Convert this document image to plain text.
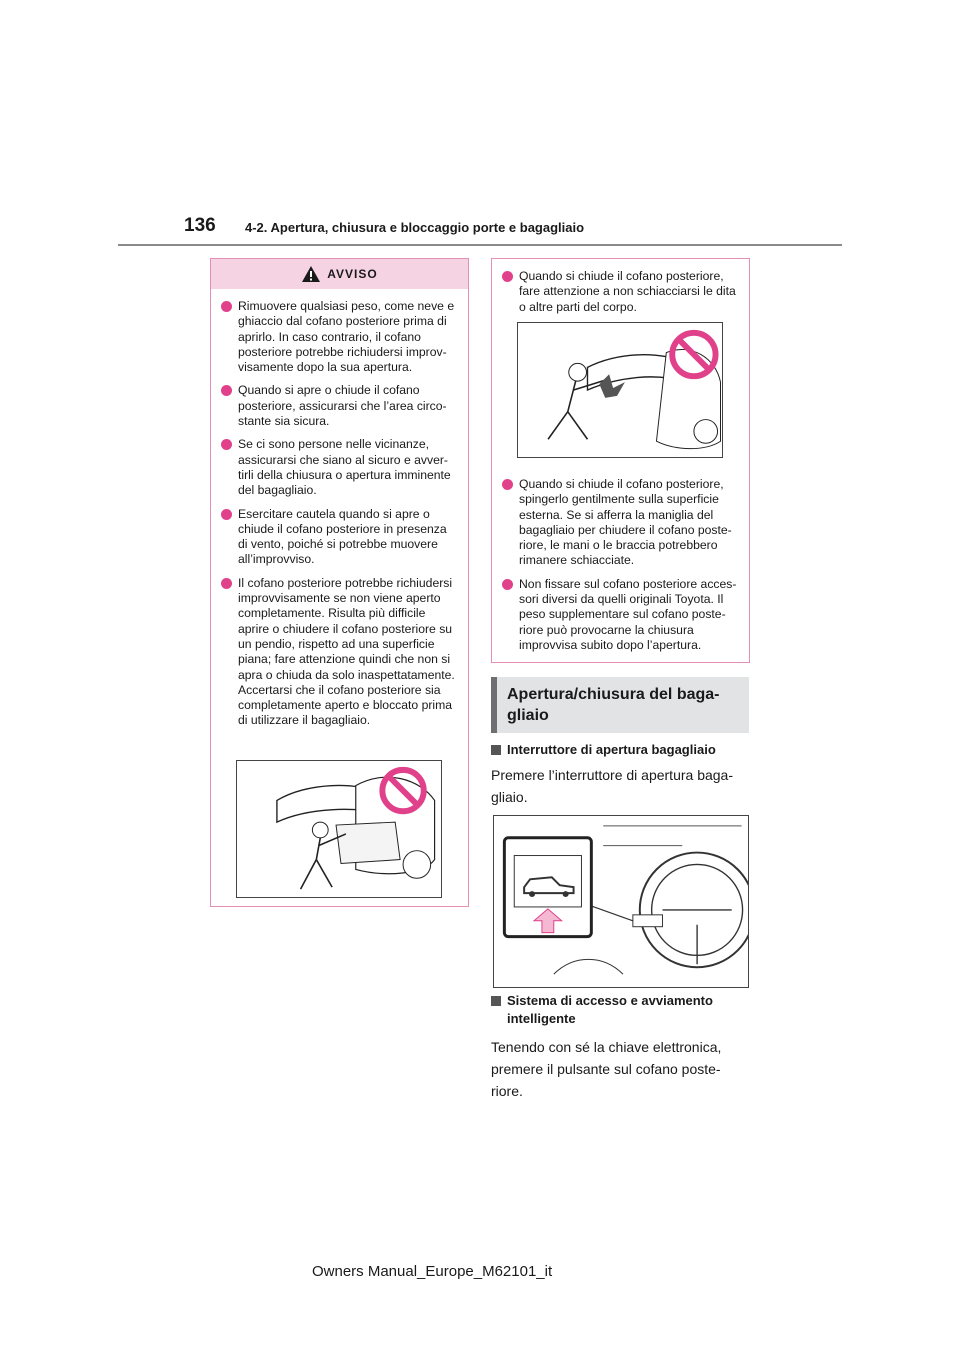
136 4-2. Apertura, chiusura e bloccaggio porte e bagagliaio
AVVISO
Rimuovere qualsiasi peso, come neve e ghiaccio dal cofano posteriore prima di aprirlo. In caso contrario, il cofano posteriore potrebbe richiudersi improv-visamente dopo la sua apertura.
Quando si apre o chiude il cofano posteriore, assicurarsi che l’area circo-stante sia sicura.
Se ci sono persone nelle vicinanze, assicurarsi che siano al sicuro e avver-tirli della chiusura o apertura imminente del bagagliaio.
Esercitare cautela quando si apre o chiude il cofano posteriore in presenza di vento, poiché si potrebbe muovere all’improvviso.
Il cofano posteriore potrebbe richiudersi improvvisamente se non viene aperto completamente. Risulta più difficile aprire o chiudere il cofano posteriore su un pendio, rispetto ad una superficie piana; fare attenzione quindi che non si apra o chiuda da solo inaspettatamente. Accertarsi che il cofano posteriore sia completamente aperto e bloccato prima di utilizzare il bagagliaio.
Quando si chiude il cofano posteriore, fare attenzione a non schiacciarsi le dita o altre parti del corpo.
Quando si chiude il cofano posteriore, spingerlo gentilmente sulla superficie esterna. Se si afferra la maniglia del bagagliaio per chiudere il cofano poste-riore, le mani o le braccia potrebbero rimanere schiacciate.
Non fissare sul cofano posteriore acces-sori diversi da quelli originali Toyota. Il peso supplementare sul cofano poste-riore può provocarne la chiusura improvvisa subito dopo l’apertura.
Apertura/chiusura del baga-gliaio
Interruttore di apertura bagagliaio
Premere l’interruttore di apertura baga-gliaio.
Sistema di accesso e avviamento intelligente
Tenendo con sé la chiave elettronica, premere il pulsante sul cofano poste-riore.
Owners Manual_Europe_M62101_it
